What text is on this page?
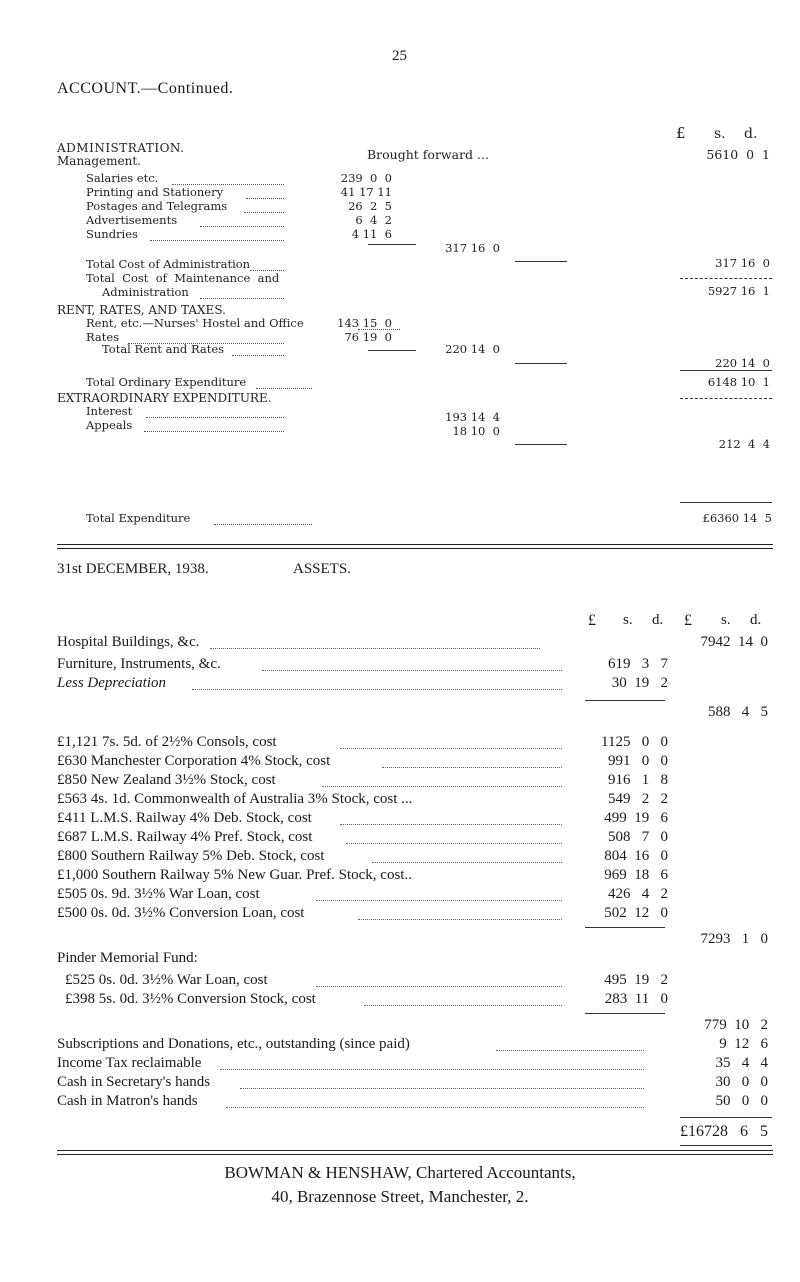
25
ACCOUNT.—Continued.
£ s. d.
ADMINISTRATION.	Brought forward ...	5610  0  1
Management.
Salaries etc.	239  0  0
Printing and Stationery	41 17 11
Postages and Telegrams	26  2  5
Advertisements	6  4  2
Sundries	4 11  6
317 16  0
Total Cost of Administration	317 16  0
Total  Cost  of  Maintenance  and
Administration	5927 16  1
RENT, RATES, AND TAXES.
Rent, etc.—Nurses' Hostel and Office	143 15  0
Rates	76 19  0
Total Rent and Rates	220 14  0
220 14  0
Total Ordinary Expenditure	6148 10  1
EXTRAORDINARY EXPENDITURE.
Interest	193 14  4
Appeals	18 10  0
212  4  4
Total Expenditure	£6360 14  5
31st DECEMBER, 1938.	ASSETS.
£ s. d. £ s. d.
Hospital Buildings, &c.	7942  14  0
Furniture, Instruments, &c.	619   3   7
Less Depreciation	30  19   2
588   4   5
£1,121 7s. 5d. of 2½% Consols, cost	1125   0   0
£630 Manchester Corporation 4% Stock, cost	991   0   0
£850 New Zealand 3½% Stock, cost	916   1   8
£563 4s. 1d. Commonwealth of Australia 3% Stock, cost ...	549   2   2
£411 L.M.S. Railway 4% Deb. Stock, cost	499  19   6
£687 L.M.S. Railway 4% Pref. Stock, cost	508   7   0
£800 Southern Railway 5% Deb. Stock, cost	804  16   0
£1,000 Southern Railway 5% New Guar. Pref. Stock, cost..	969  18   6
£505 0s. 9d. 3½% War Loan, cost	426   4   2
£500 0s. 0d. 3½% Conversion Loan, cost	502  12   0
7293   1   0
Pinder Memorial Fund:
£525 0s. 0d. 3½% War Loan, cost	495  19   2
£398 5s. 0d. 3½% Conversion Stock, cost	283  11   0
779  10   2
Subscriptions and Donations, etc., outstanding (since paid)	9  12   6
Income Tax reclaimable	35   4   4
Cash in Secretary's hands	30   0   0
Cash in Matron's hands	50   0   0
£16728   6   5
BOWMAN & HENSHAW, Chartered Accountants,
40, Brazennose Street, Manchester, 2.
